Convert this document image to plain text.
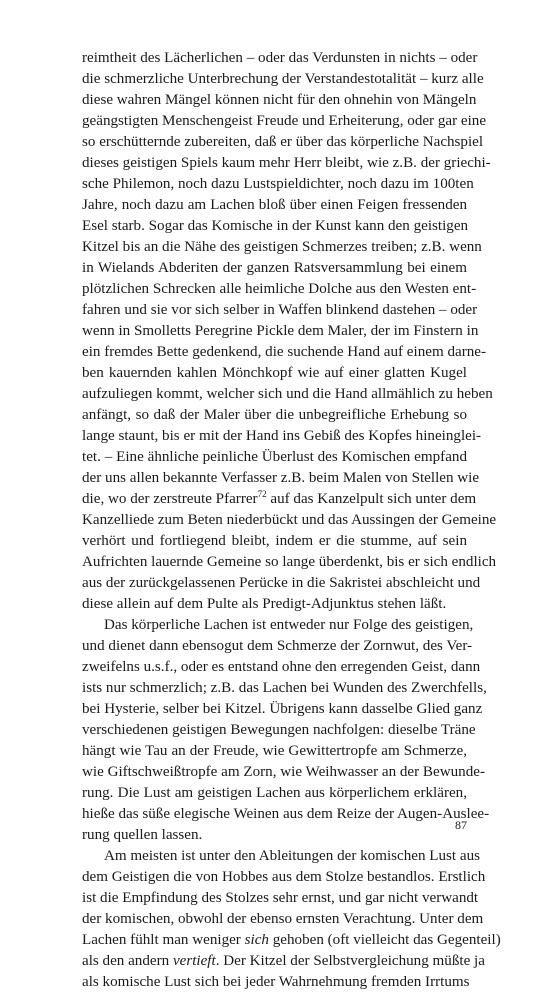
reimtheit des Lächerlichen – oder das Verdunsten in nichts – oder
die schmerzliche Unterbrechung der Verstandestotalität – kurz alle
diese wahren Mängel können nicht für den ohnehin von Mängeln
geängstigten Menschengeist Freude und Erheiterung, oder gar eine
so erschütternde zubereiten, daß er über das körperliche Nachspiel
dieses geistigen Spiels kaum mehr Herr bleibt, wie z.B. der griechi-
sche Philemon, noch dazu Lustspieldichter, noch dazu im 100ten
Jahre, noch dazu am Lachen bloß über einen Feigen fressenden
Esel starb. Sogar das Komische in der Kunst kann den geistigen
Kitzel bis an die Nähe des geistigen Schmerzes treiben; z.B. wenn
in Wielands Abderiten der ganzen Ratsversammlung bei einem
plötzlichen Schrecken alle heimliche Dolche aus den Westen ent-
fahren und sie vor sich selber in Waffen blinkend dastehen – oder
wenn in Smolletts Peregrine Pickle dem Maler, der im Finstern in
ein fremdes Bette gedenkend, die suchende Hand auf einem darne-
ben kauernden kahlen Mönchkopf wie auf einer glatten Kugel
aufzuliegen kommt, welcher sich und die Hand allmählich zu heben
anfängt, so daß der Maler über die unbegreifliche Erhebung so
lange staunt, bis er mit der Hand ins Gebiß des Kopfes hineinglei-
tet. – Eine ähnliche peinliche Überlust des Komischen empfand
der uns allen bekannte Verfasser z.B. beim Malen von Stellen wie
die, wo der zerstreute Pfarrer$^{72}$ auf das Kanzelpult sich unter dem
Kanzelliede zum Beten niederbückt und das Aussingen der Gemeine
verhört und fortliegend bleibt, indem er die stumme, auf sein
Aufrichten lauernde Gemeine so lange überdenkt, bis er sich endlich
aus der zurückgelassenen Perücke in die Sakristei abschleicht und
diese allein auf dem Pulte als Predigt-Adjunktus stehen läßt.
Das körperliche Lachen ist entweder nur Folge des geistigen,
und dienet dann ebensogut dem Schmerze der Zornwut, des Ver-
zweifelns u.s.f., oder es entstand ohne den erregenden Geist, dann
ists nur schmerzlich; z.B. das Lachen bei Wunden des Zwerchfells,
bei Hysterie, selber bei Kitzel. Übrigens kann dasselbe Glied ganz
verschiedenen geistigen Bewegungen nachfolgen: dieselbe Träne
hängt wie Tau an der Freude, wie Gewittertropfe am Schmerze,
wie Giftschweißtropfe am Zorn, wie Weihwasser an der Bewunde-
rung. Die Lust am geistigen Lachen aus körperlichem erklären,
hieße das süße elegische Weinen aus dem Reize der Augen-Auslee-
rung quellen lassen.
Am meisten ist unter den Ableitungen der komischen Lust aus
dem Geistigen die von Hobbes aus dem Stolze bestandlos. Erstlich
ist die Empfindung des Stolzes sehr ernst, und gar nicht verwandt
der komischen, obwohl der ebenso ernsten Verachtung. Unter dem
Lachen fühlt man weniger sich gehoben (oft vielleicht das Gegenteil)
als den andern vertieft. Der Kitzel der Selbstvergleichung müßte ja
als komische Lust sich bei jeder Wahrnehmung fremden Irrtums
87
